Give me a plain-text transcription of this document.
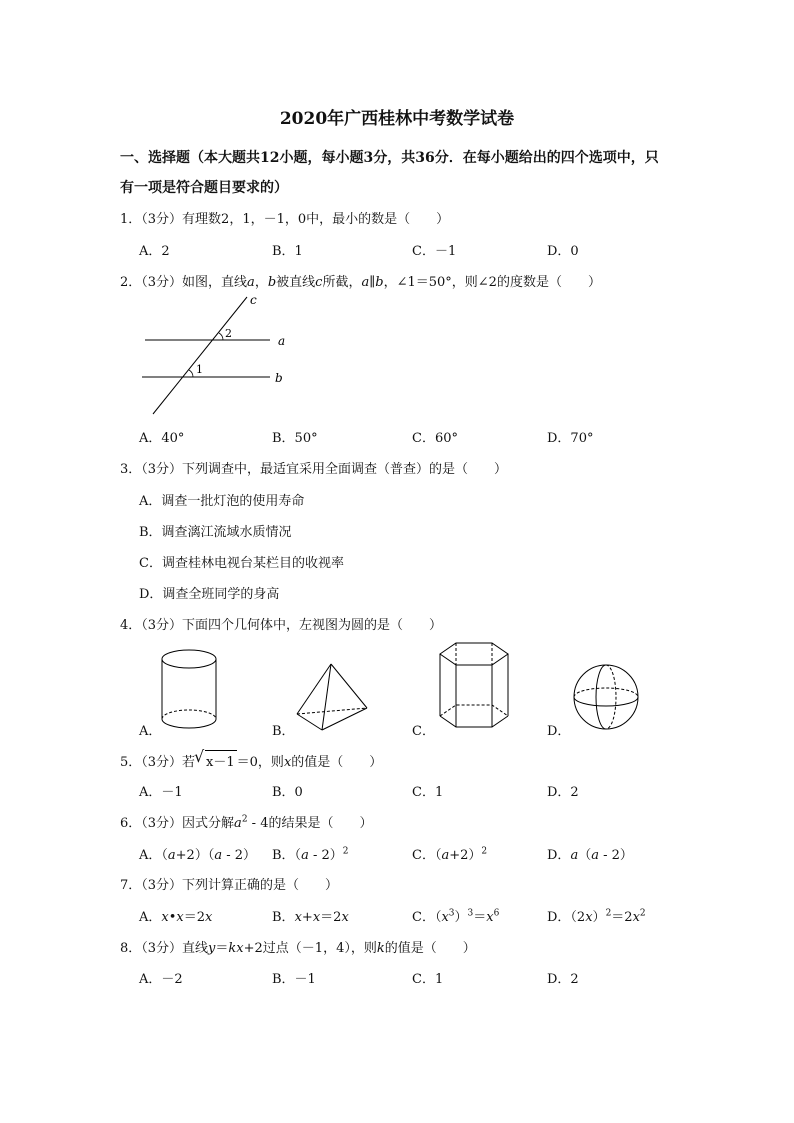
2020年广西桂林中考数学试卷
一、选择题（本大题共12小题，每小题3分，共36分．在每小题给出的四个选项中，只
有一项是符合题目要求的）
1．（3分）有理数2，1，－1，0中，最小的数是（　　）
A．2	B．1	C．－1	D．0
2．（3分）如图，直线a，b被直线c所截，a∥b，∠1＝50°，则∠2的度数是（　　）
c
a
b
2
1
A．40°	B．50°	C．60°	D．70°
3．（3分）下列调查中，最适宜采用全面调查（普查）的是（　　）
A．调查一批灯泡的使用寿命
B．调查漓江流域水质情况
C．调查桂林电视台某栏目的收视率
D．调查全班同学的身高
4．（3分）下面四个几何体中，左视图为圆的是（　　）
A．	B．	C．	D．
5．（3分）若 √ x－1 ＝0，则x的值是（　　）
A．－1	B．0	C．1	D．2
6．（3分）因式分解$a^2 - 4$的结果是（　　）
A．（a+2）（a - 2） B．（a - 2）$^2$	C．$(a+2)^2$	D．a（a - 2）
7．（3分）下列计算正确的是（　　）
A．x•x＝2x	B．x+x＝2x	C．$(x^3)^3=x^6$	D．$(2x)^2=2x^2$
8．（3分）直线y＝kx+2过点（－1，4），则k的值是（　　）
A．－2	B．－1	C．1	D．2
